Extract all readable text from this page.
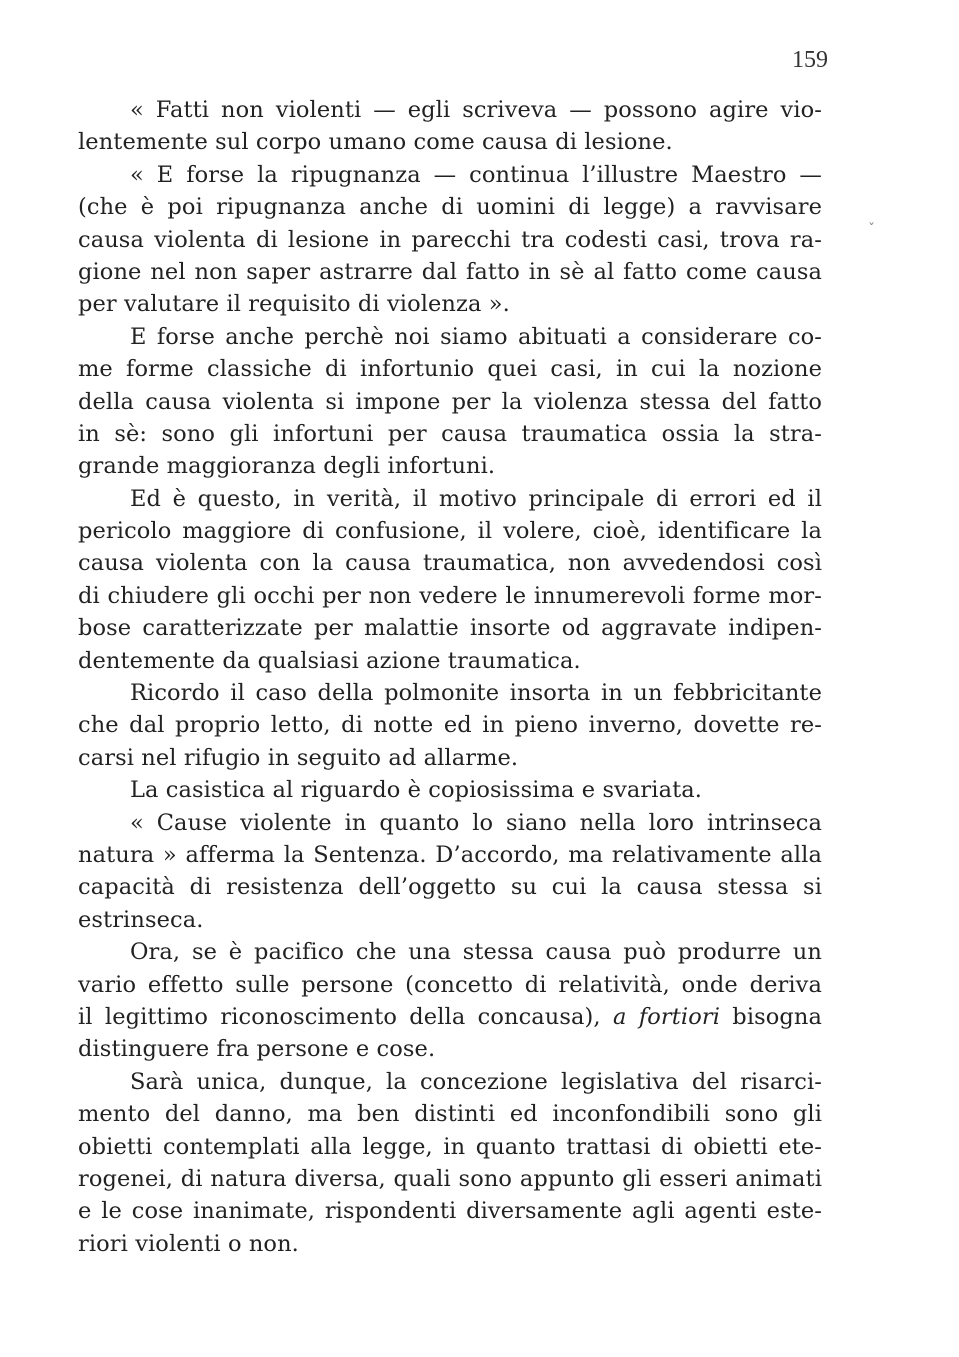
159
ˇ
« Fatti non violenti — egli scriveva — possono agire vio-
lentemente sul corpo umano come causa di lesione.
« E forse la ripugnanza — continua l’illustre Maestro —
(che è poi ripugnanza anche di uomini di legge) a ravvisare
causa violenta di lesione in parecchi tra codesti casi, trova ra-
gione nel non saper astrarre dal fatto in sè al fatto come causa
per valutare il requisito di violenza ».
E forse anche perchè noi siamo abituati a considerare co-
me forme classiche di infortunio quei casi, in cui la nozione
della causa violenta si impone per la violenza stessa del fatto
in sè: sono gli infortuni per causa traumatica ossia la stra-
grande maggioranza degli infortuni.
Ed è questo, in verità, il motivo principale di errori ed il
pericolo maggiore di confusione, il volere, cioè, identificare la
causa violenta con la causa traumatica, non avvedendosi così
di chiudere gli occhi per non vedere le innumerevoli forme mor-
bose caratterizzate per malattie insorte od aggravate indipen-
dentemente da qualsiasi azione traumatica.
Ricordo il caso della polmonite insorta in un febbricitante
che dal proprio letto, di notte ed in pieno inverno, dovette re-
carsi nel rifugio in seguito ad allarme.
La casistica al riguardo è copiosissima e svariata.
« Cause violente in quanto lo siano nella loro intrinseca
natura » afferma la Sentenza. D’accordo, ma relativamente alla
capacità di resistenza dell’oggetto su cui la causa stessa si
estrinseca.
Ora, se è pacifico che una stessa causa può produrre un
vario effetto sulle persone (concetto di relatività, onde deriva
il legittimo riconoscimento della concausa), a fortiori bisogna
distinguere fra persone e cose.
Sarà unica, dunque, la concezione legislativa del risarci-
mento del danno, ma ben distinti ed inconfondibili sono gli
obietti contemplati alla legge, in quanto trattasi di obietti ete-
rogenei, di natura diversa, quali sono appunto gli esseri animati
e le cose inanimate, rispondenti diversamente agli agenti este-
riori violenti o non.
